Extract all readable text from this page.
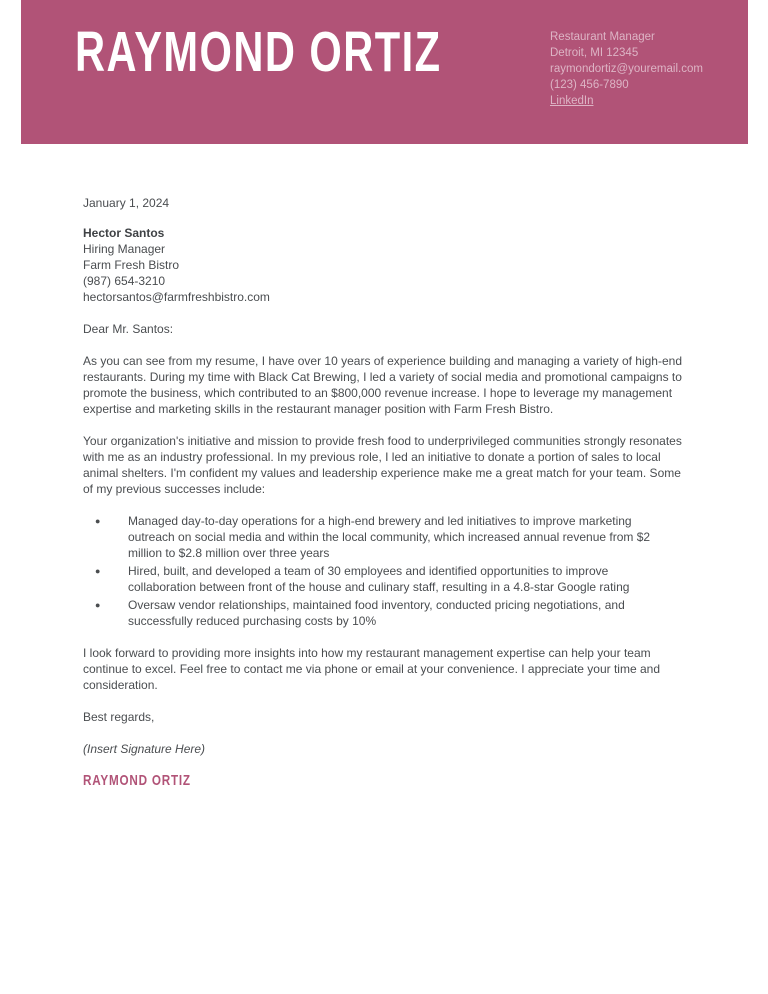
RAYMOND ORTIZ	Restaurant Manager
Detroit, MI 12345
raymondortiz@youremail.com
(123) 456-7890
LinkedIn
January 1, 2024
Hector Santos
Hiring Manager
Farm Fresh Bistro
(987) 654-3210
hectorsantos@farmfreshbistro.com
Dear Mr. Santos:

As you can see from my resume, I have over 10 years of experience building and managing a variety of high-end restaurants. During my time with Black Cat Brewing, I led a variety of social media and promotional campaigns to promote the business, which contributed to an $800,000 revenue increase. I hope to leverage my management expertise and marketing skills in the restaurant manager position with Farm Fresh Bistro.

Your organization's initiative and mission to provide fresh food to underprivileged communities strongly resonates with me as an industry professional. In my previous role, I led an initiative to donate a portion of sales to local animal shelters. I'm confident my values and leadership experience make me a great match for your team. Some of my previous successes include:

● Managed day-to-day operations for a high-end brewery and led initiatives to improve marketing outreach on social media and within the local community, which increased annual revenue from $2 million to $2.8 million over three years
● Hired, built, and developed a team of 30 employees and identified opportunities to improve collaboration between front of the house and culinary staff, resulting in a 4.8-star Google rating
● Oversaw vendor relationships, maintained food inventory, conducted pricing negotiations, and successfully reduced purchasing costs by 10%

I look forward to providing more insights into how my restaurant management expertise can help your team continue to excel. Feel free to contact me via phone or email at your convenience. I appreciate your time and consideration.

Best regards,

(Insert Signature Here)
RAYMOND ORTIZ
